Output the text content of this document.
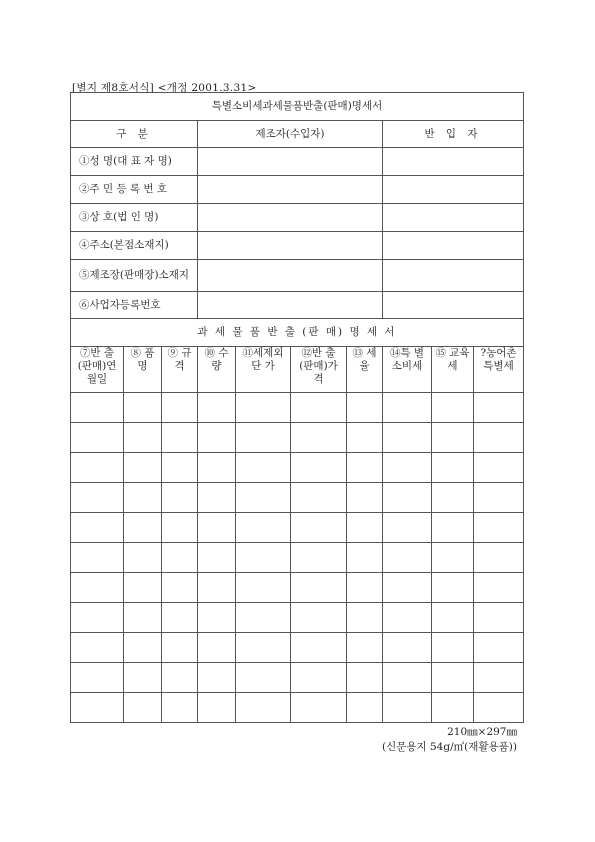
[별지 제8호서식] <개정 2001.3.31>
특별소비세과세물품반출(판매)명세서									
구 분			제조자(수입자)				반 입 자		
①성 명(대 표 자 명)									
②주 민 등 록 번 호									
③상 호(법 인 명)									
④주소(본점소재지)									
⑤제조장(판매장)소재지									
⑥사업자등록번호									
과 세 물 품 반 출 (판 매) 명 세 서									
⑦반 출 (판매)연월일	⑧ 품 명	⑨ 규 격	⑩ 수 량	⑪세제외 단 가	⑫반 출 (판매)가 격	⑬ 세 율	⑭특 별 소비세	⑮ 교육세	?농어촌 특별세

210㎜×297㎜
(신문용지 54g/㎡(재활용품))
